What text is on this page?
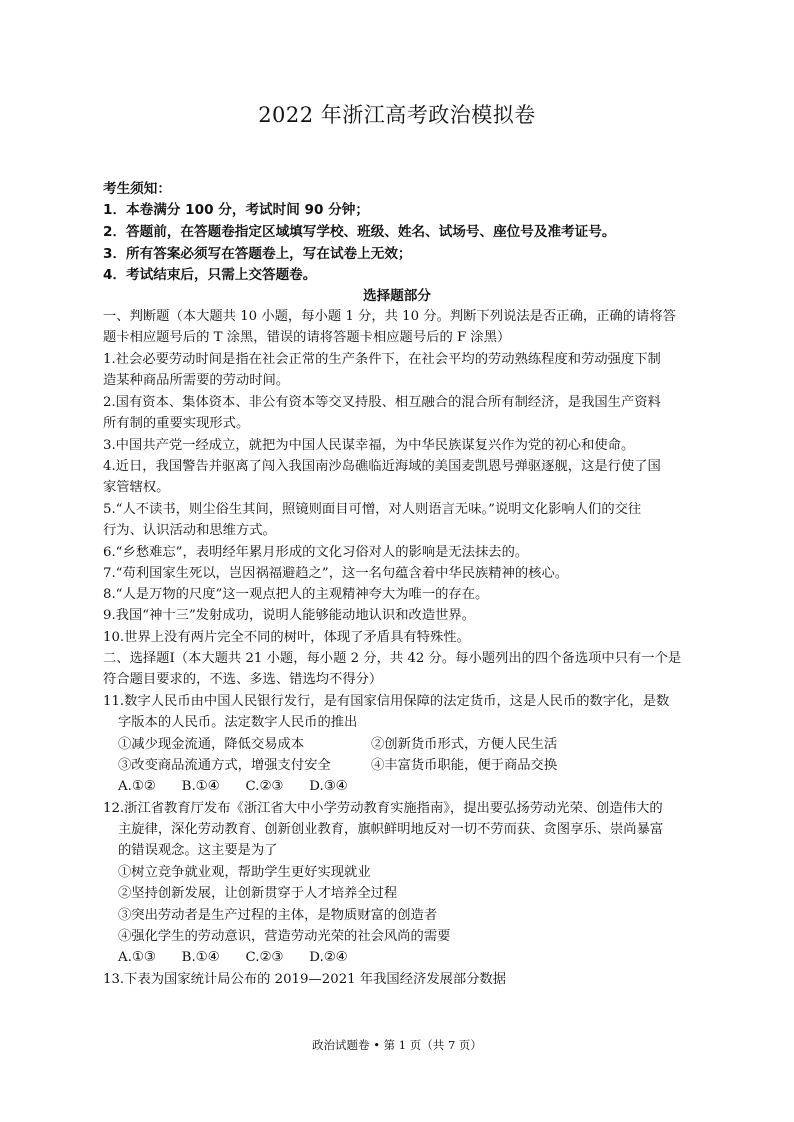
2022 年浙江高考政治模拟卷
考生须知：
1．本卷满分 100 分，考试时间 90 分钟；
2．答题前，在答题卷指定区域填写学校、班级、姓名、试场号、座位号及准考证号。
3．所有答案必须写在答题卷上，写在试卷上无效；
4．考试结束后，只需上交答题卷。
选择题部分
一、判断题（本大题共 10 小题，每小题 1 分，共 10 分。判断下列说法是否正确，正确的请将答
题卡相应题号后的 T 涂黑，错误的请将答题卡相应题号后的 F 涂黑）
1.社会必要劳动时间是指在社会正常的生产条件下，在社会平均的劳动熟练程度和劳动强度下制
造某种商品所需要的劳动时间。
2.国有资本、集体资本、非公有资本等交叉持股、相互融合的混合所有制经济，是我国生产资料
所有制的重要实现形式。
3.中国共产党一经成立，就把为中国人民谋幸福，为中华民族谋复兴作为党的初心和使命。
4.近日，我国警告并驱离了闯入我国南沙岛礁临近海域的美国麦凯恩号弹驱逐舰，这是行使了国
家管辖权。
5.“人不读书，则尘俗生其间，照镜则面目可憎，对人则语言无味。”说明文化影响人们的交往
行为、认识活动和思维方式。
6.“乡愁难忘”，表明经年累月形成的文化习俗对人的影响是无法抹去的。
7.“苟利国家生死以，岂因祸福避趋之”，这一名句蕴含着中华民族精神的核心。
8.“人是万物的尺度”这一观点把人的主观精神夸大为唯一的存在。
9.我国“神十三”发射成功，说明人能够能动地认识和改造世界。
10.世界上没有两片完全不同的树叶，体现了矛盾具有特殊性。
二、选择题Ⅰ（本大题共 21 小题，每小题 2 分，共 42 分。每小题列出的四个备选项中只有一个是
符合题目要求的，不选、多选、错选均不得分）
11.数字人民币由中国人民银行发行，是有国家信用保障的法定货币，这是人民币的数字化，是数
字版本的人民币。法定数字人民币的推出
①减少现金流通，降低交易成本	②创新货币形式，方便人民生活
③改变商品流通方式，增强支付安全	④丰富货币职能，便于商品交换
A.①② B.①④ C.②③ D.③④
12.浙江省教育厅发布《浙江省大中小学劳动教育实施指南》，提出要弘扬劳动光荣、创造伟大的
主旋律，深化劳动教育、创新创业教育，旗帜鲜明地反对一切不劳而获、贪图享乐、崇尚暴富
的错误观念。这主要是为了
①树立竞争就业观，帮助学生更好实现就业
②坚持创新发展，让创新贯穿于人才培养全过程
③突出劳动者是生产过程的主体，是物质财富的创造者
④强化学生的劳动意识，营造劳动光荣的社会风尚的需要
A.①③ B.①④ C.②③ D.②④
13.下表为国家统计局公布的 2019—2021 年我国经济发展部分数据
政治试题卷 • 第 1 页（共 7 页）
